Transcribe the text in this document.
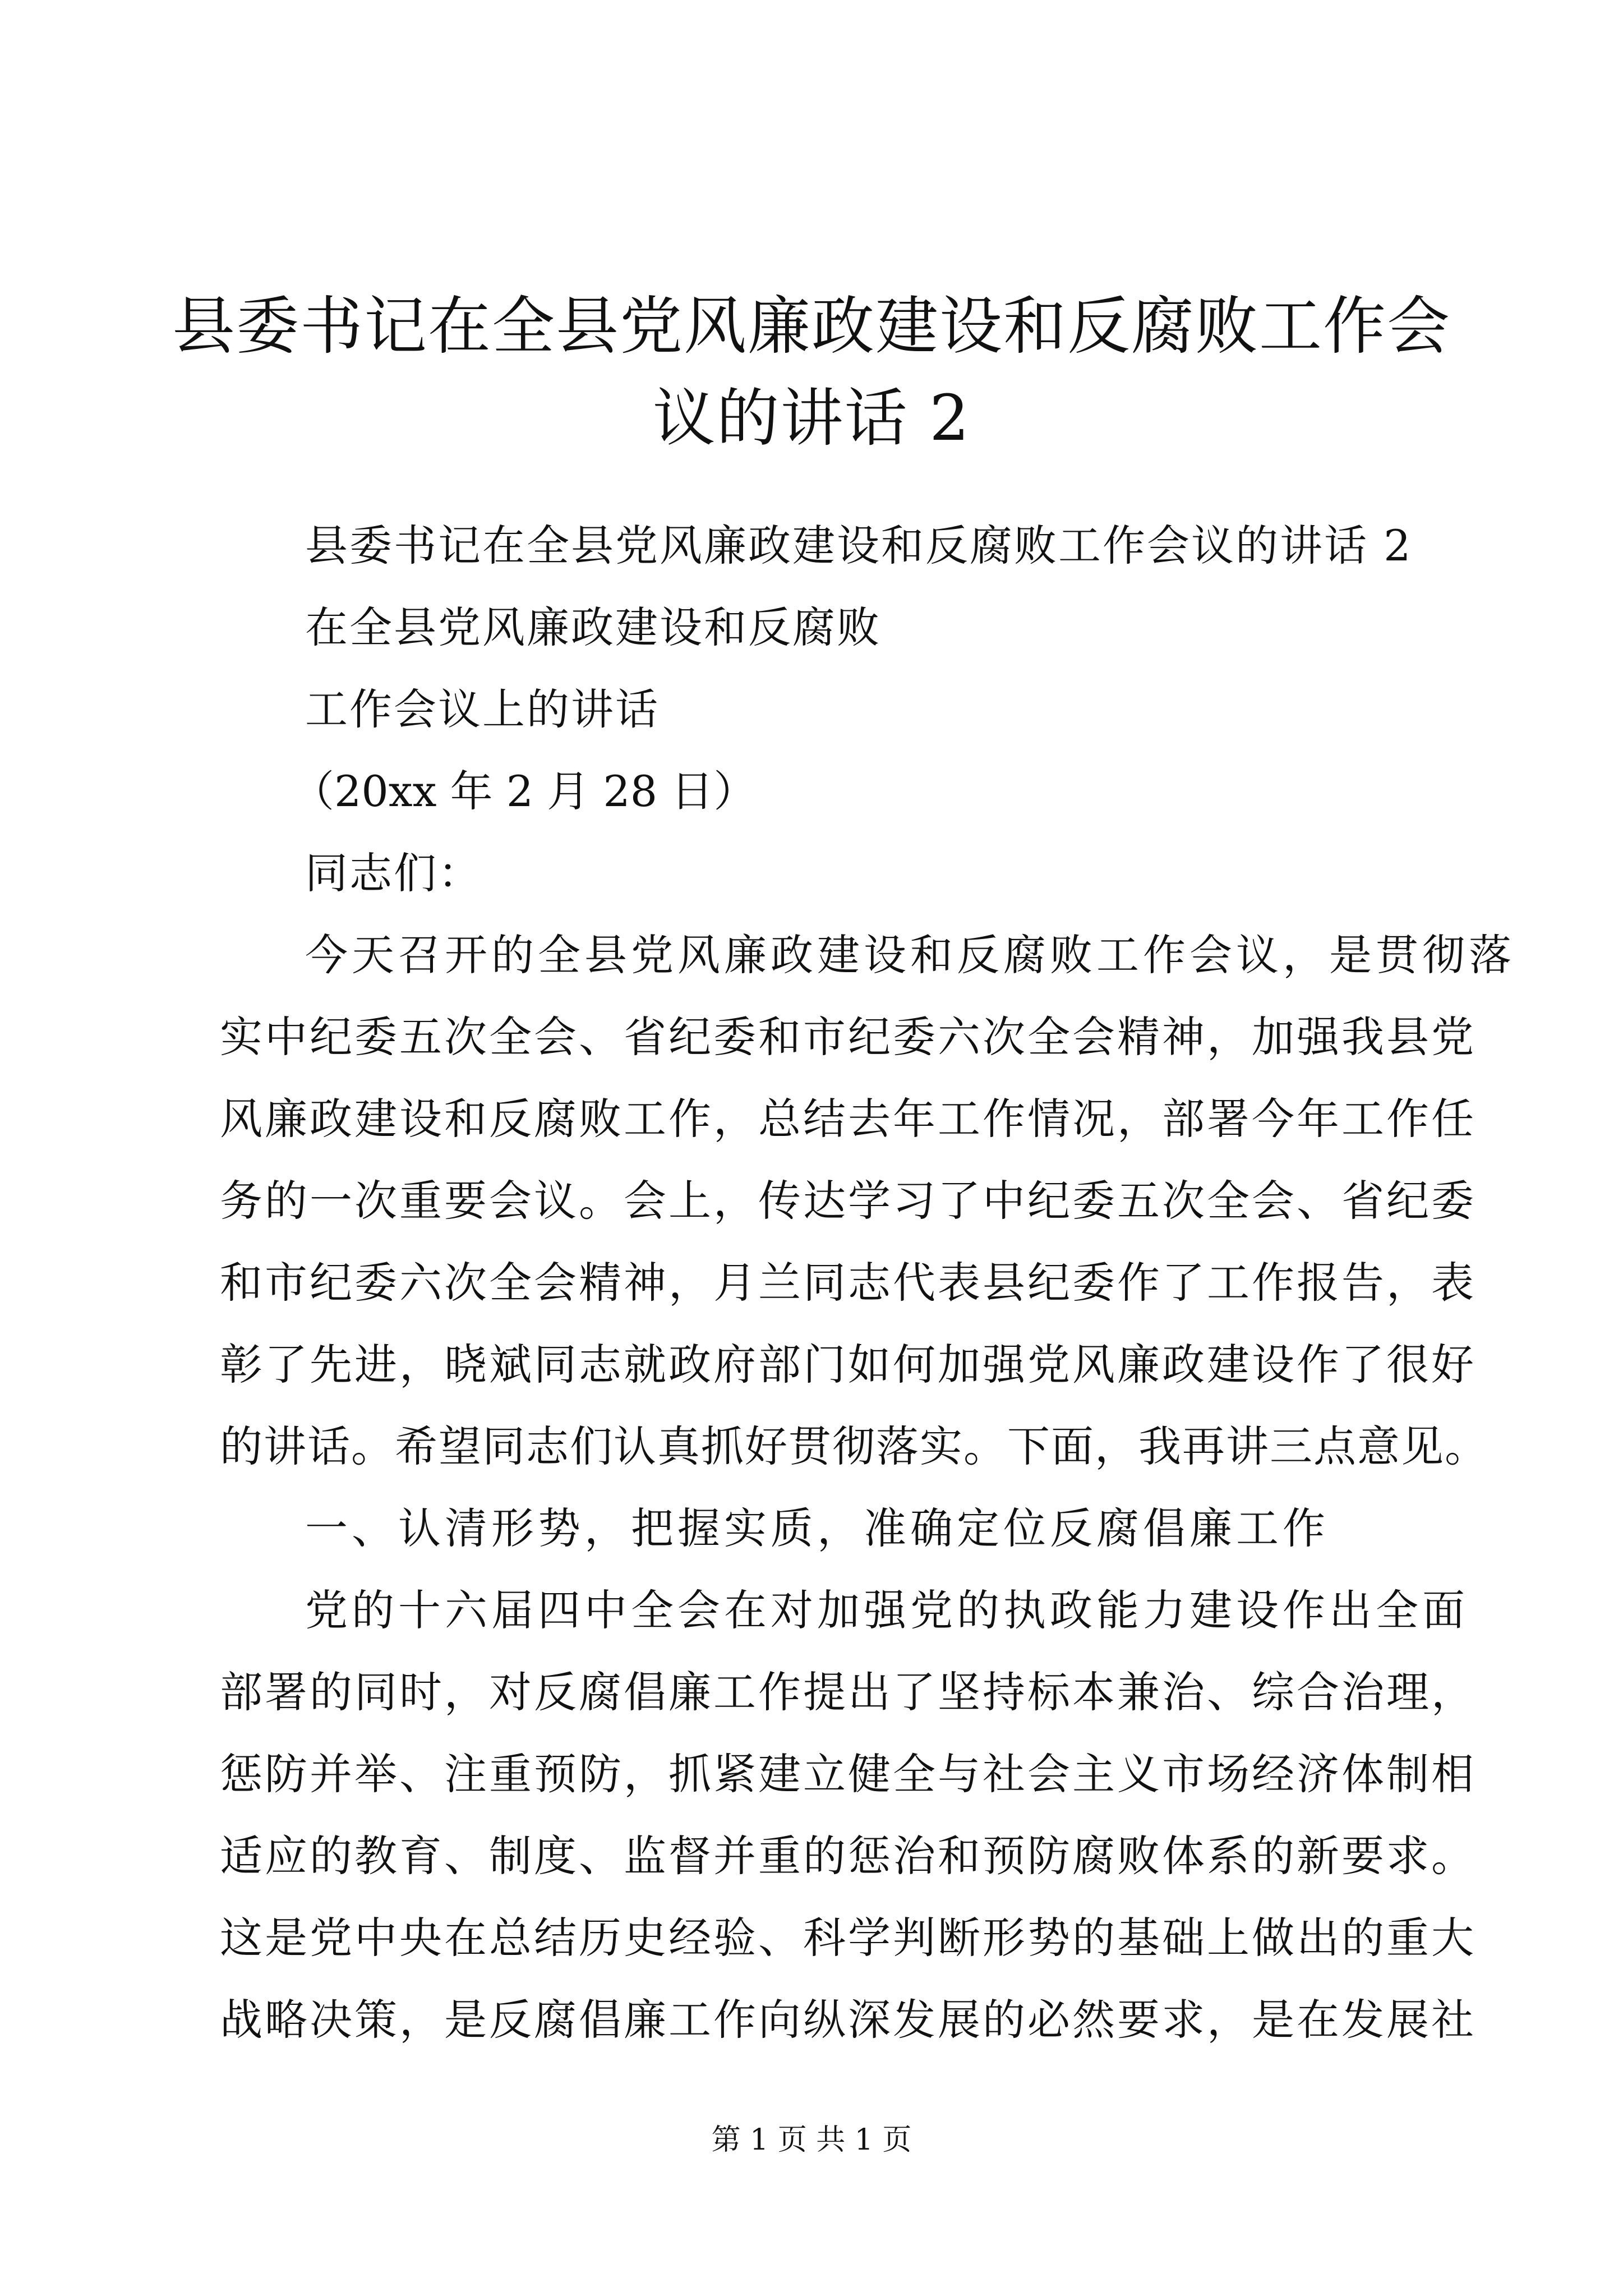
县委书记在全县党风廉政建设和反腐败工作会
议的讲话 2

县委书记在全县党风廉政建设和反腐败工作会议的讲话 2

在全县党风廉政建设和反腐败

工作会议上的讲话

（20xx 年 2 月 28 日）

同志们：

今天召开的全县党风廉政建设和反腐败工作会议，是贯彻落

实中纪委五次全会、省纪委和市纪委六次全会精神，加强我县党

风廉政建设和反腐败工作，总结去年工作情况，部署今年工作任

务的一次重要会议。会上，传达学习了中纪委五次全会、省纪委

和市纪委六次全会精神，月兰同志代表县纪委作了工作报告，表

彰了先进，晓斌同志就政府部门如何加强党风廉政建设作了很好

的讲话。希望同志们认真抓好贯彻落实。下面，我再讲三点意见。

一、认清形势，把握实质，准确定位反腐倡廉工作

党的十六届四中全会在对加强党的执政能力建设作出全面

部署的同时，对反腐倡廉工作提出了坚持标本兼治、综合治理，

惩防并举、注重预防，抓紧建立健全与社会主义市场经济体制相

适应的教育、制度、监督并重的惩治和预防腐败体系的新要求。

这是党中央在总结历史经验、科学判断形势的基础上做出的重大

战略决策，是反腐倡廉工作向纵深发展的必然要求，是在发展社

第 1 页 共 1 页
